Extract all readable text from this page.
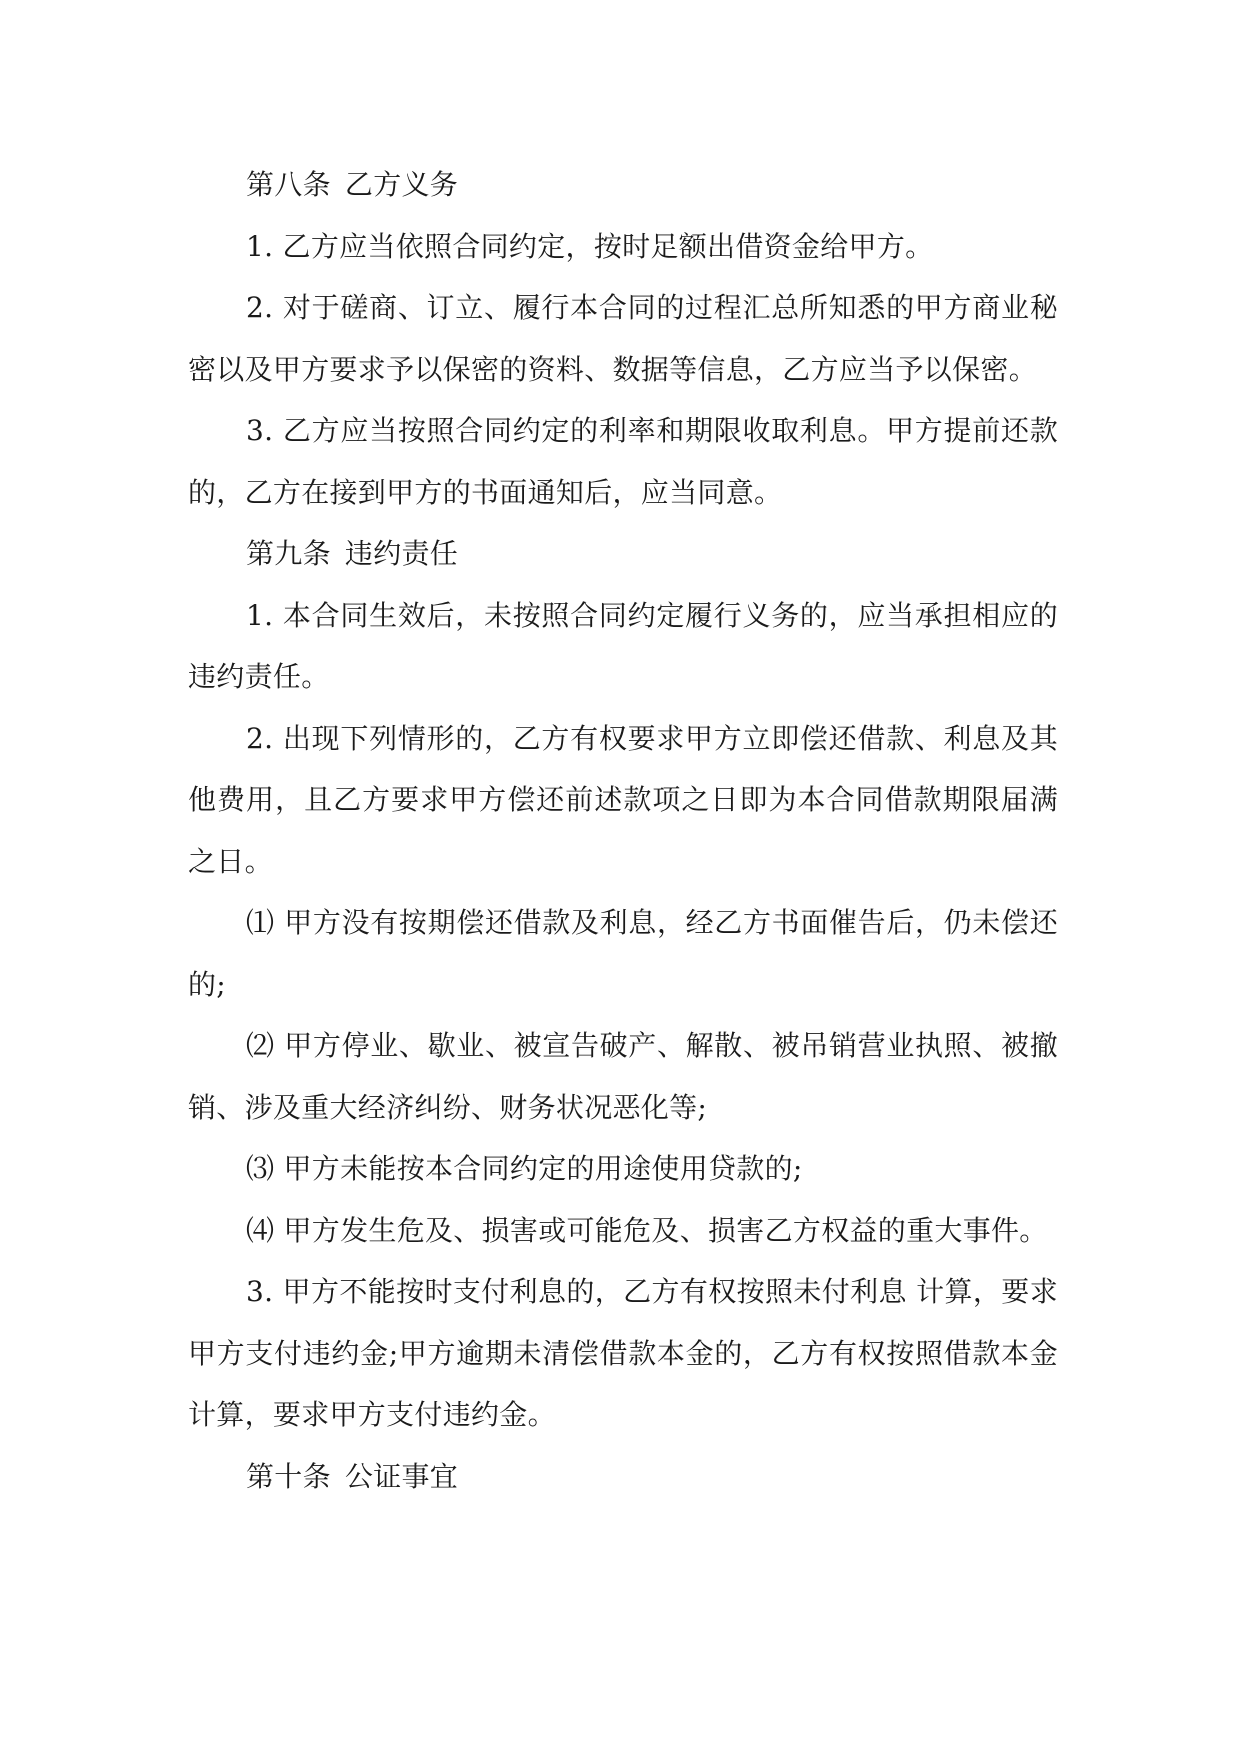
第八条 乙方义务

1. 乙方应当依照合同约定，按时足额出借资金给甲方。

2. 对于磋商、订立、履行本合同的过程汇总所知悉的甲方商业秘密以及甲方要求予以保密的资料、数据等信息，乙方应当予以保密。

3. 乙方应当按照合同约定的利率和期限收取利息。甲方提前还款的，乙方在接到甲方的书面通知后，应当同意。

第九条 违约责任

1. 本合同生效后，未按照合同约定履行义务的，应当承担相应的违约责任。

2. 出现下列情形的，乙方有权要求甲方立即偿还借款、利息及其他费用，且乙方要求甲方偿还前述款项之日即为本合同借款期限届满之日。

⑴ 甲方没有按期偿还借款及利息，经乙方书面催告后，仍未偿还的;

⑵ 甲方停业、歇业、被宣告破产、解散、被吊销营业执照、被撤销、涉及重大经济纠纷、财务状况恶化等;

⑶ 甲方未能按本合同约定的用途使用贷款的;

⑷ 甲方发生危及、损害或可能危及、损害乙方权益的重大事件。

3. 甲方不能按时支付利息的，乙方有权按照未付利息 计算，要求甲方支付违约金;甲方逾期未清偿借款本金的，乙方有权按照借款本金 计算，要求甲方支付违约金。

第十条 公证事宜
